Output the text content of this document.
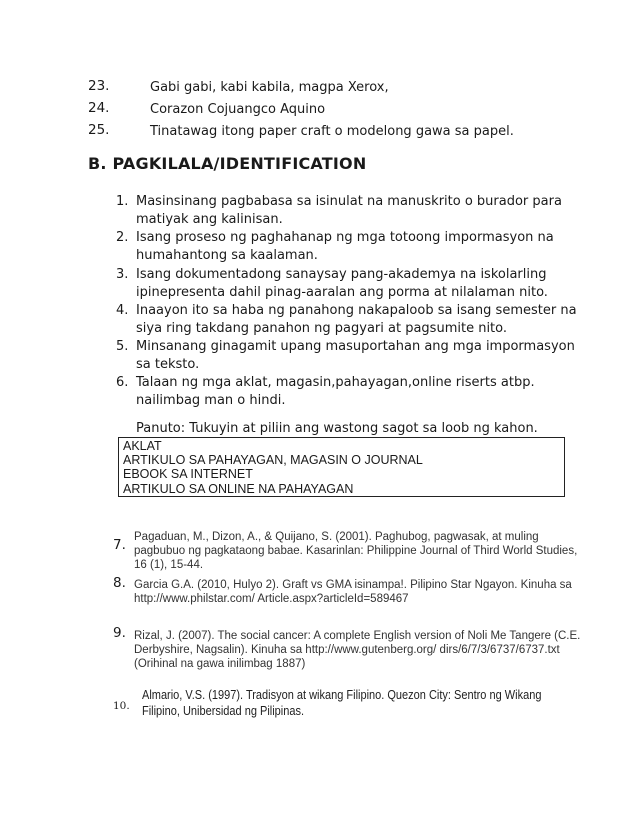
23.	Gabi gabi, kabi kabila, magpa Xerox,
24.	Corazon Cojuangco Aquino
25.	Tinatawag itong paper craft o modelong gawa sa papel.
B. PAGKILALA/IDENTIFICATION
1. Masinsinang pagbabasa sa isinulat na manuskrito o burador para
matiyak ang kalinisan.
2. Isang proseso ng paghahanap ng mga totoong impormasyon na
humahantong sa kaalaman.
3. Isang dokumentadong sanaysay pang-akademya na iskolarling
ipinepresenta dahil pinag-aaralan ang porma at nilalaman nito.
4. Inaayon ito sa haba ng panahong nakapaloob sa isang semester na
siya ring takdang panahon ng pagyari at pagsumite nito.
5. Minsanang ginagamit upang masuportahan ang mga impormasyon
sa teksto.
6. Talaan ng mga aklat, magasin,pahayagan,online riserts atbp.
nailimbag man o hindi.
Panuto: Tukuyin at piliin ang wastong sagot sa loob ng kahon.
AKLAT
ARTIKULO SA PAHAYAGAN, MAGASIN O JOURNAL
EBOOK SA INTERNET
ARTIKULO SA ONLINE NA PAHAYAGAN
7. Pagaduan, M., Dizon, A., & Quijano, S. (2001). Paghubog, pagwasak, at muling
pagbubuo ng pagkataong babae. Kasarinlan: Philippine Journal of Third World Studies,
16 (1), 15-44.
8. Garcia G.A. (2010, Hulyo 2). Graft vs GMA isinampa!. Pilipino Star Ngayon. Kinuha sa
http://www.philstar.com/ Article.aspx?articleId=589467
9. Rizal, J. (2007). The social cancer: A complete English version of Noli Me Tangere (C.E.
Derbyshire, Nagsalin). Kinuha sa http://www.gutenberg.org/ dirs/6/7/3/6737/6737.txt
(Orihinal na gawa inilimbag 1887)
10.
Almario, V.S. (1997). Tradisyon at wikang Filipino. Quezon City: Sentro ng Wikang
Filipino, Unibersidad ng Pilipinas.
